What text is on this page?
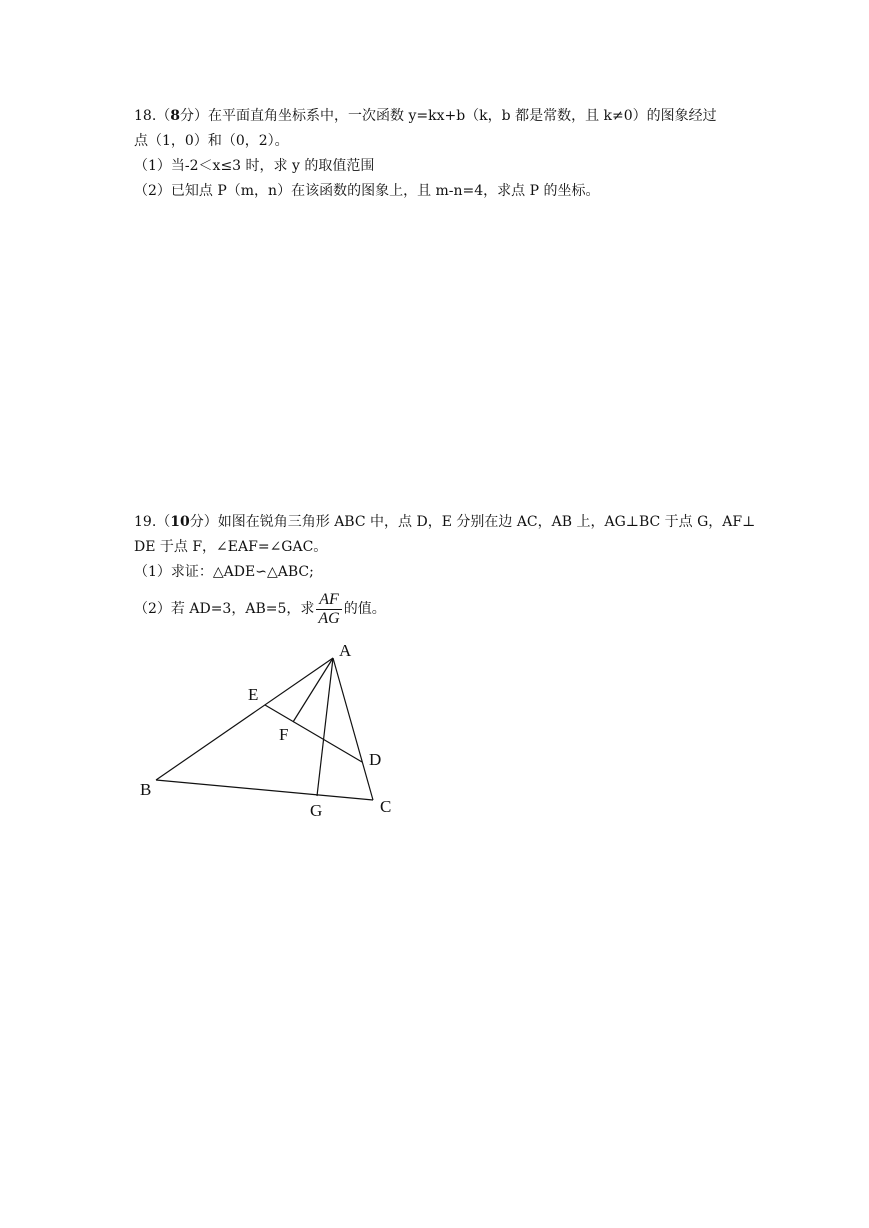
18.（8分）在平面直角坐标系中，一次函数 y=kx+b（k，b 都是常数，且 k≠0）的图象经过
点（1，0）和（0，2）。
（1）当-2＜x≤3 时，求 y 的取值范围
（2）已知点 P（m，n）在该函数的图象上，且 m-n=4，求点 P 的坐标。
19.（10分）如图在锐角三角形 ABC 中，点 D，E 分别在边 AC，AB 上，AG⊥BC 于点 G，AF⊥
DE 于点 F，∠EAF=∠GAC。
（1）求证：△ADE∽△ABC;
（2）若 AD=3，AB=5，求 $\frac{AF}{AG}$ 的值。
A
B
C
D
E
F
G
